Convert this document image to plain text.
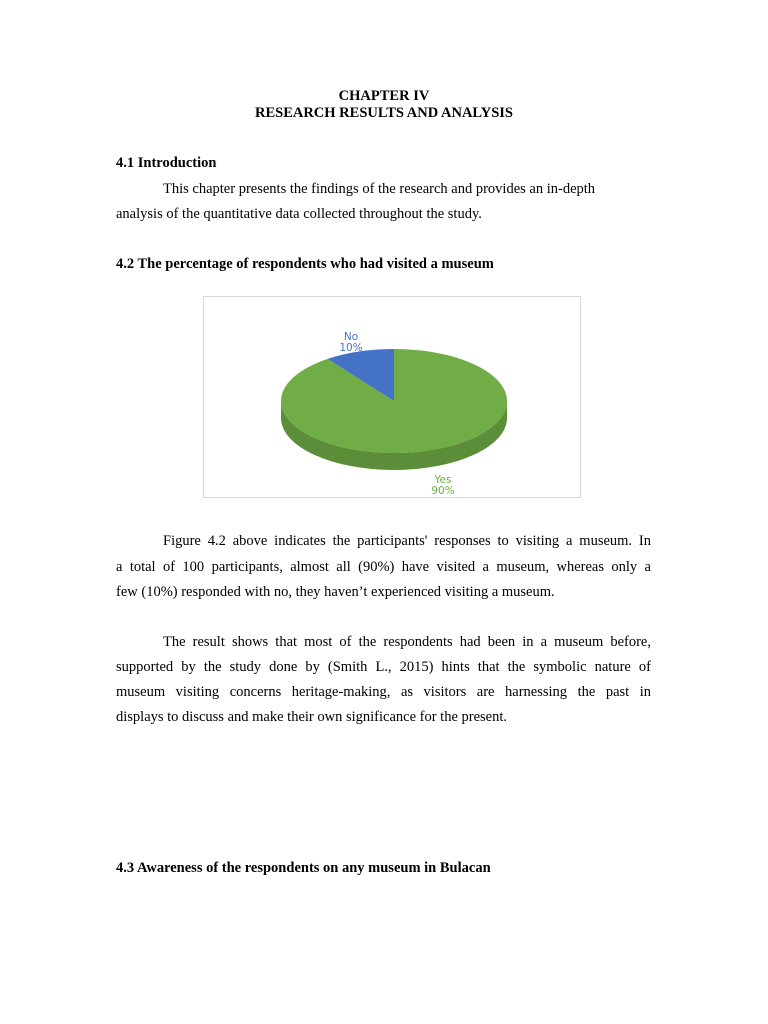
CHAPTER IV
RESEARCH RESULTS AND ANALYSIS
4.1 Introduction
This chapter presents the findings of the research and provides an in-depth
analysis of the quantitative data collected throughout the study.
4.2 The percentage of respondents who had visited a museum
No
10%
Yes
90%
Figure 4.2 above indicates the participants' responses to visiting a museum. In
a total of 100 participants, almost all (90%) have visited a museum, whereas only a
few (10%) responded with no, they haven’t experienced visiting a museum.
The result shows that most of the respondents had been in a museum before,
supported by the study done by (Smith L., 2015) hints that the symbolic nature of
museum visiting concerns heritage-making, as visitors are harnessing the past in
displays to discuss and make their own significance for the present.
4.3 Awareness of the respondents on any museum in Bulacan
